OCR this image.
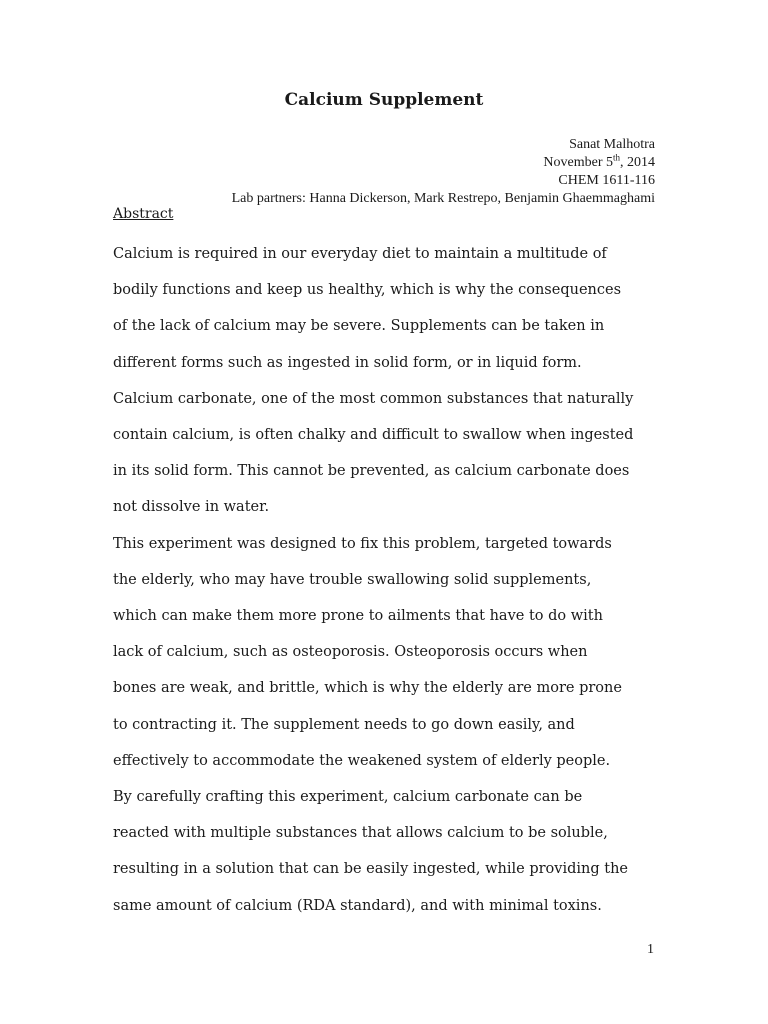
Calcium Supplement
Sanat Malhotra
November 5th, 2014
CHEM 1611-116
Lab partners: Hanna Dickerson, Mark Restrepo, Benjamin Ghaemmaghami
Abstract

Calcium is required in our everyday diet to maintain a multitude of
bodily functions and keep us healthy, which is why the consequences
of the lack of calcium may be severe. Supplements can be taken in
different forms such as ingested in solid form, or in liquid form.
Calcium carbonate, one of the most common substances that naturally
contain calcium, is often chalky and difficult to swallow when ingested
in its solid form. This cannot be prevented, as calcium carbonate does
not dissolve in water.
This experiment was designed to fix this problem, targeted towards
the elderly, who may have trouble swallowing solid supplements,
which can make them more prone to ailments that have to do with
lack of calcium, such as osteoporosis. Osteoporosis occurs when
bones are weak, and brittle, which is why the elderly are more prone
to contracting it. The supplement needs to go down easily, and
effectively to accommodate the weakened system of elderly people.
By carefully crafting this experiment, calcium carbonate can be
reacted with multiple substances that allows calcium to be soluble,
resulting in a solution that can be easily ingested, while providing the
same amount of calcium (RDA standard), and with minimal toxins.

1
